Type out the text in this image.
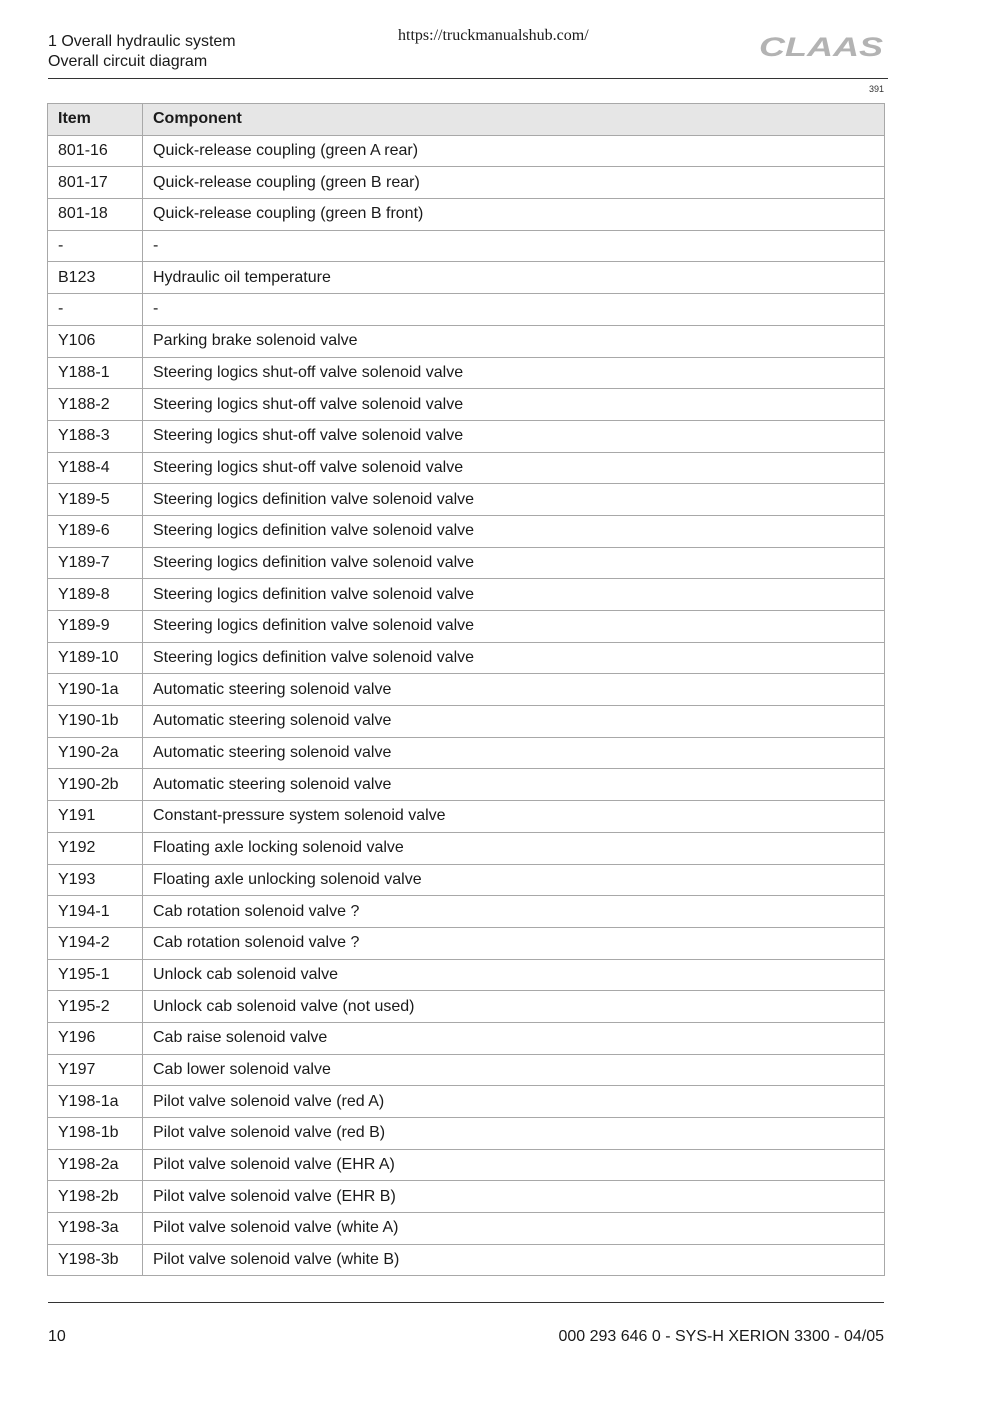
1 Overall hydraulic system
Overall circuit diagram
https://truckmanualshub.com/	CLAAS
391
Item	Component
801-16	Quick-release coupling (green A rear)
801-17	Quick-release coupling (green B rear)
801-18	Quick-release coupling (green B front)
-	-
B123	Hydraulic oil temperature
-	-
Y106	Parking brake solenoid valve
Y188-1	Steering logics shut-off valve solenoid valve
Y188-2	Steering logics shut-off valve solenoid valve
Y188-3	Steering logics shut-off valve solenoid valve
Y188-4	Steering logics shut-off valve solenoid valve
Y189-5	Steering logics definition valve solenoid valve
Y189-6	Steering logics definition valve solenoid valve
Y189-7	Steering logics definition valve solenoid valve
Y189-8	Steering logics definition valve solenoid valve
Y189-9	Steering logics definition valve solenoid valve
Y189-10	Steering logics definition valve solenoid valve
Y190-1a	Automatic steering solenoid valve
Y190-1b	Automatic steering solenoid valve
Y190-2a	Automatic steering solenoid valve
Y190-2b	Automatic steering solenoid valve
Y191	Constant-pressure system solenoid valve
Y192	Floating axle locking solenoid valve
Y193	Floating axle unlocking solenoid valve
Y194-1	Cab rotation solenoid valve ?
Y194-2	Cab rotation solenoid valve ?
Y195-1	Unlock cab solenoid valve
Y195-2	Unlock cab solenoid valve (not used)
Y196	Cab raise solenoid valve
Y197	Cab lower solenoid valve
Y198-1a	Pilot valve solenoid valve (red A)
Y198-1b	Pilot valve solenoid valve (red B)
Y198-2a	Pilot valve solenoid valve (EHR A)
Y198-2b	Pilot valve solenoid valve (EHR B)
Y198-3a	Pilot valve solenoid valve (white A)
Y198-3b	Pilot valve solenoid valve (white B)
10	000 293 646 0 - SYS-H XERION 3300 - 04/05
